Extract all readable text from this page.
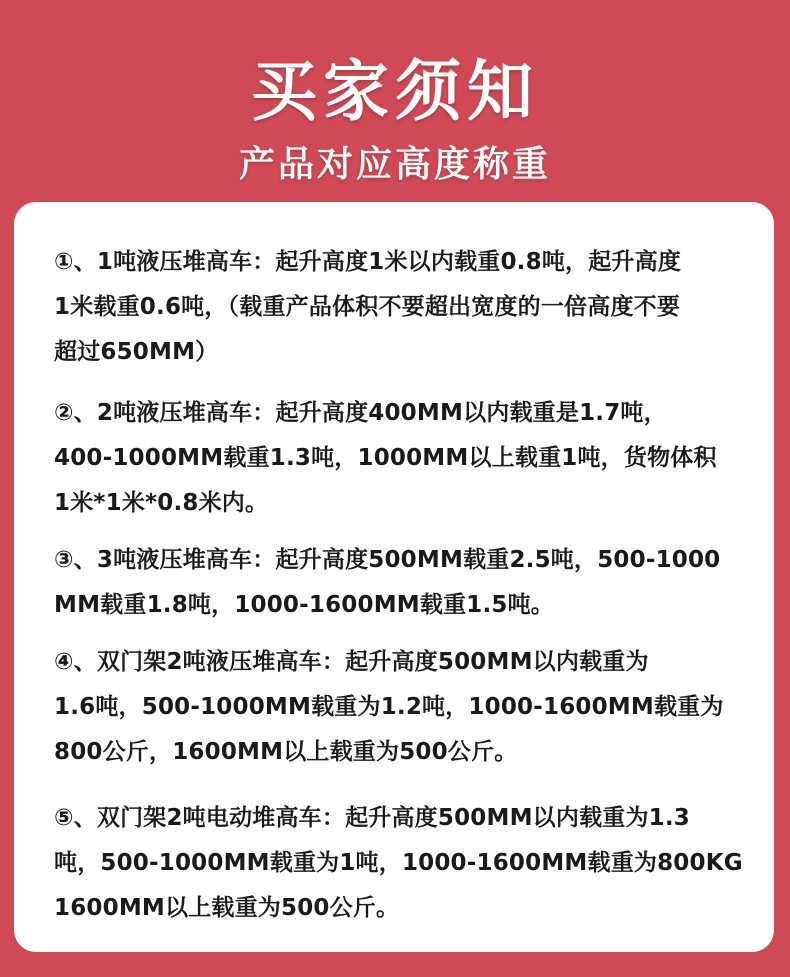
买家须知
产品对应高度称重
①、1吨液压堆高车：起升高度1米以内载重0.8吨，起升高度
1米载重0.6吨，（载重产品体积不要超出宽度的一倍高度不要
超过650MM）
②、2吨液压堆高车：起升高度400MM以内载重是1.7吨，
400-1000MM载重1.3吨，1000MM以上载重1吨，货物体积
1米*1米*0.8米内。
③、3吨液压堆高车：起升高度500MM载重2.5吨，500-1000
MM载重1.8吨，1000-1600MM载重1.5吨。
④、双门架2吨液压堆高车：起升高度500MM以内载重为
1.6吨，500-1000MM载重为1.2吨，1000-1600MM载重为
800公斤，1600MM以上载重为500公斤。
⑤、双门架2吨电动堆高车：起升高度500MM以内载重为1.3
吨，500-1000MM载重为1吨，1000-1600MM载重为800KG
1600MM以上载重为500公斤。
